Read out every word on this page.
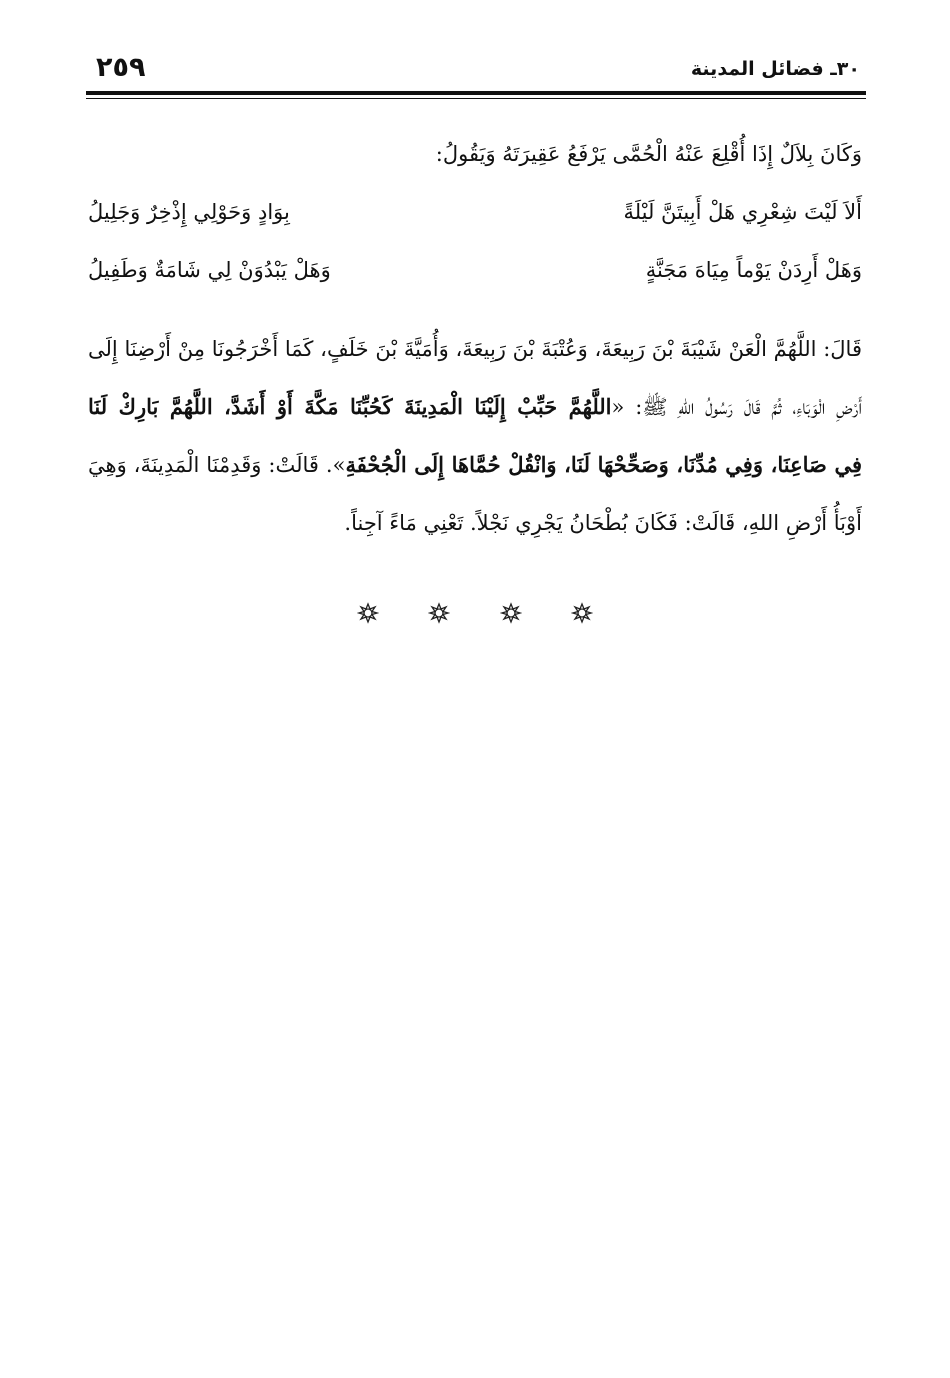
٣٠ـ فضائل المدينة
٢٥٩
وَكَانَ بِلاَلٌ إِذَا أُقْلِعَ عَنْهُ الْحُمَّى يَرْفَعُ عَقِيرَتَهُ وَيَقُولُ:
أَلاَ لَيْتَ شِعْرِي هَلْ أَبِيتَنَّ لَيْلَةً
بِوَادٍ وَحَوْلِي إِذْخِرٌ وَجَلِيلُ
وَهَلْ أَرِدَنْ يَوْماً مِيَاهَ مَجَنَّةٍ
وَهَلْ يَبْدُوَنْ لِي شَامَةٌ وَطَفِيلُ
قَالَ: اللَّهُمَّ الْعَنْ شَيْبَةَ بْنَ رَبِيعَةَ، وَعُتْبَةَ بْنَ رَبِيعَةَ، وَأُمَيَّةَ بْنَ خَلَفٍ، كَمَا أَخْرَجُونَا مِنْ أَرْضِنَا إِلَى
أَرْضِ الْوَبَاءِ، ثُمَّ قَالَ رَسُولُ اللهِ ﷺ: «اللَّهُمَّ حَبِّبْ إِلَيْنَا الْمَدِينَةَ كَحُبِّنَا مَكَّةَ أَوْ أَشَدَّ، اللَّهُمَّ بَارِكْ لَنَا
فِي صَاعِنَا، وَفِي مُدِّنَا، وَصَحِّحْهَا لَنَا، وَانْقُلْ حُمَّاهَا إِلَى الْجُحْفَةِ». قَالَتْ: وَقَدِمْنَا الْمَدِينَةَ، وَهِيَ
أَوْبَأُ أَرْضِ اللهِ، قَالَتْ: فَكَانَ بُطْحَانُ يَجْرِي نَجْلاً. تَعْنِي مَاءً آجِناً.
